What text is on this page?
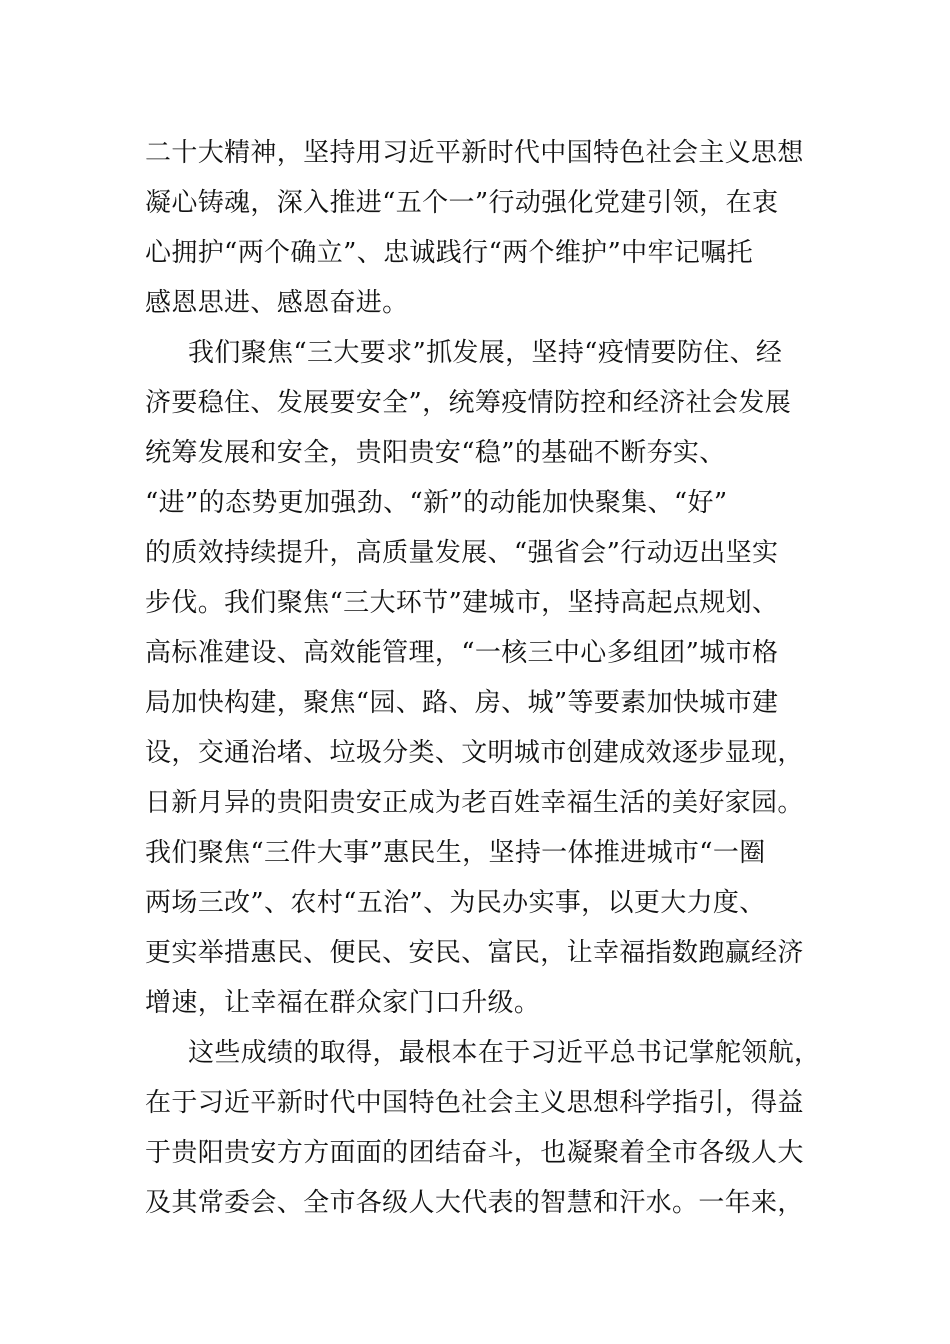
二十大精神，坚持用习近平新时代中国特色社会主义思想
凝心铸魂，深入推进“五个一”行动强化党建引领，在衷
心拥护“两个确立”、忠诚践行“两个维护”中牢记嘱托
感恩思进、感恩奋进。
我们聚焦“三大要求”抓发展，坚持“疫情要防住、经
济要稳住、发展要安全”，统筹疫情防控和经济社会发展
统筹发展和安全，贵阳贵安“稳”的基础不断夯实、
“进”的态势更加强劲、“新”的动能加快聚集、“好”
的质效持续提升，高质量发展、“强省会”行动迈出坚实
步伐。我们聚焦“三大环节”建城市，坚持高起点规划、
高标准建设、高效能管理，“一核三中心多组团”城市格
局加快构建，聚焦“园、路、房、城”等要素加快城市建
设，交通治堵、垃圾分类、文明城市创建成效逐步显现，
日新月异的贵阳贵安正成为老百姓幸福生活的美好家园。
我们聚焦“三件大事”惠民生，坚持一体推进城市“一圈
两场三改”、农村“五治”、为民办实事，以更大力度、
更实举措惠民、便民、安民、富民，让幸福指数跑赢经济
增速，让幸福在群众家门口升级。
这些成绩的取得，最根本在于习近平总书记掌舵领航，
在于习近平新时代中国特色社会主义思想科学指引，得益
于贵阳贵安方方面面的团结奋斗，也凝聚着全市各级人大
及其常委会、全市各级人大代表的智慧和汗水。一年来，
